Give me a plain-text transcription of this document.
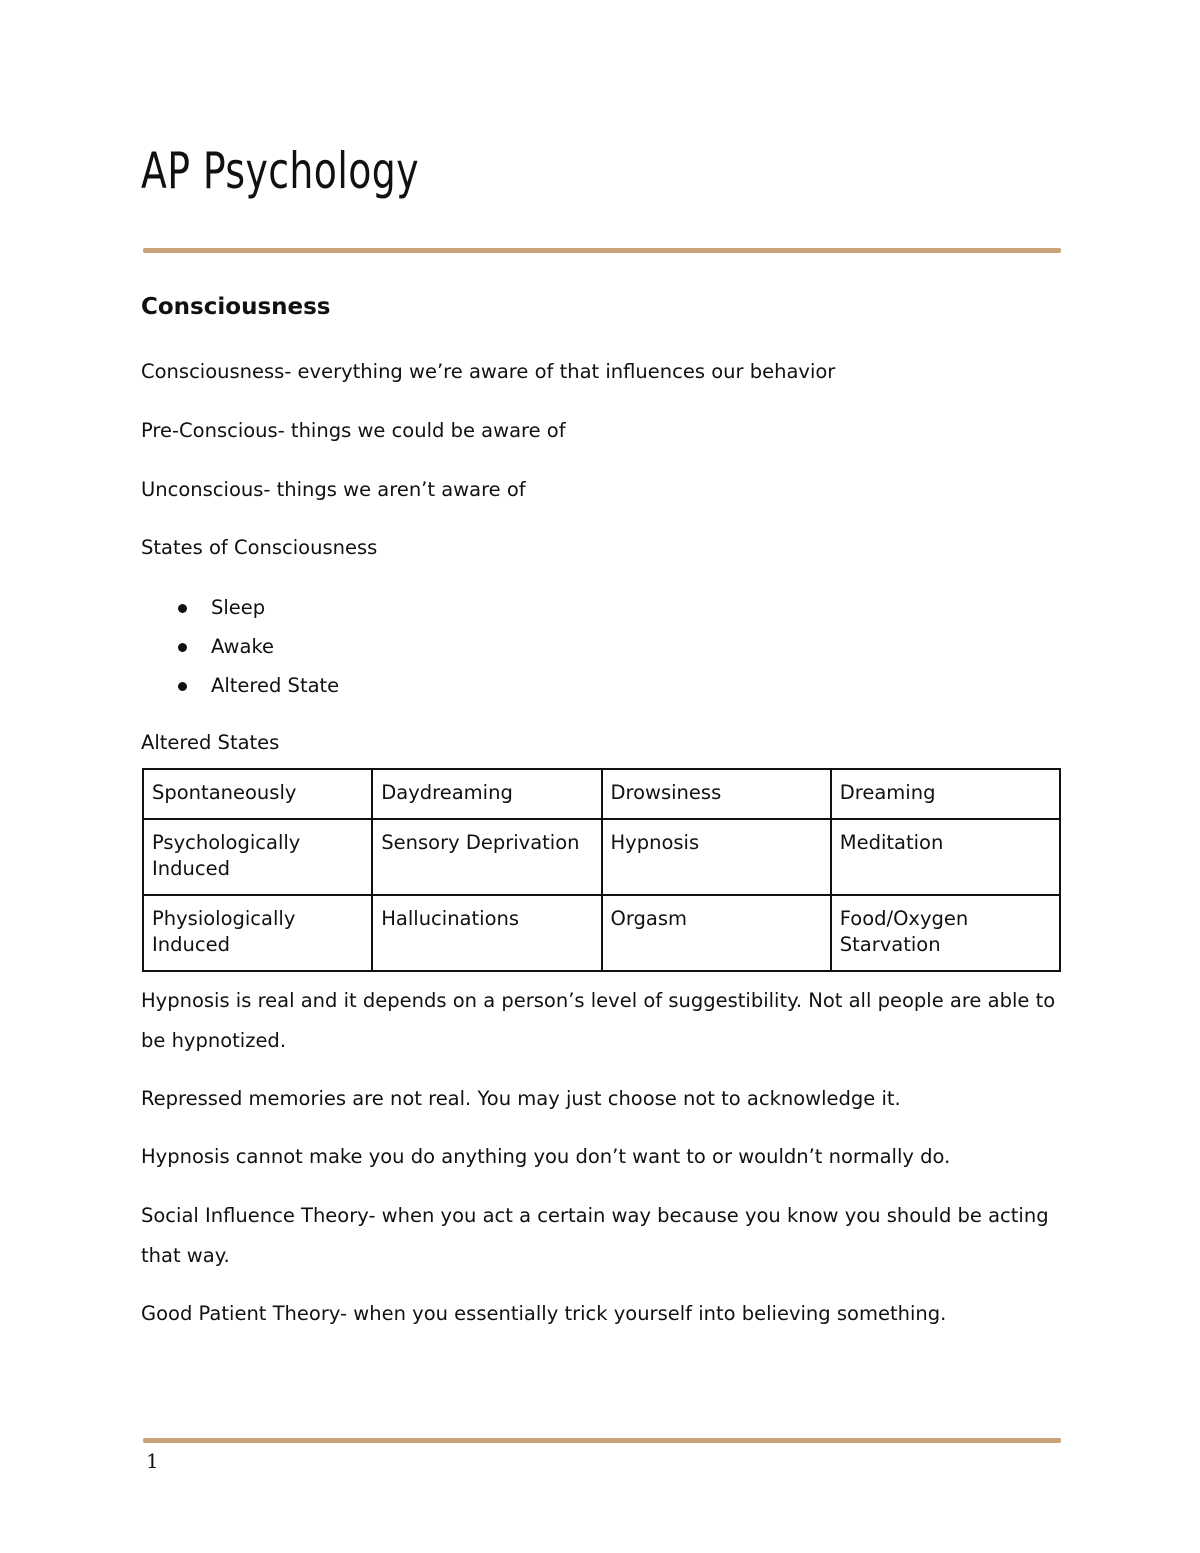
AP Psychology
Consciousness
Consciousness- everything we’re aware of that influences our behavior
Pre-Conscious- things we could be aware of
Unconscious- things we aren’t aware of
States of Consciousness
Sleep
Awake
Altered State
Altered States
Spontaneously	Daydreaming	Drowsiness	Dreaming
Psychologically Induced	Sensory Deprivation	Hypnosis	Meditation
Physiologically Induced	Hallucinations	Orgasm	Food/Oxygen Starvation
Hypnosis is real and it depends on a person’s level of suggestibility. Not all people are able to be hypnotized.
Repressed memories are not real. You may just choose not to acknowledge it.
Hypnosis cannot make you do anything you don’t want to or wouldn’t normally do.
Social Influence Theory- when you act a certain way because you know you should be acting that way.
Good Patient Theory- when you essentially trick yourself into believing something.
1
